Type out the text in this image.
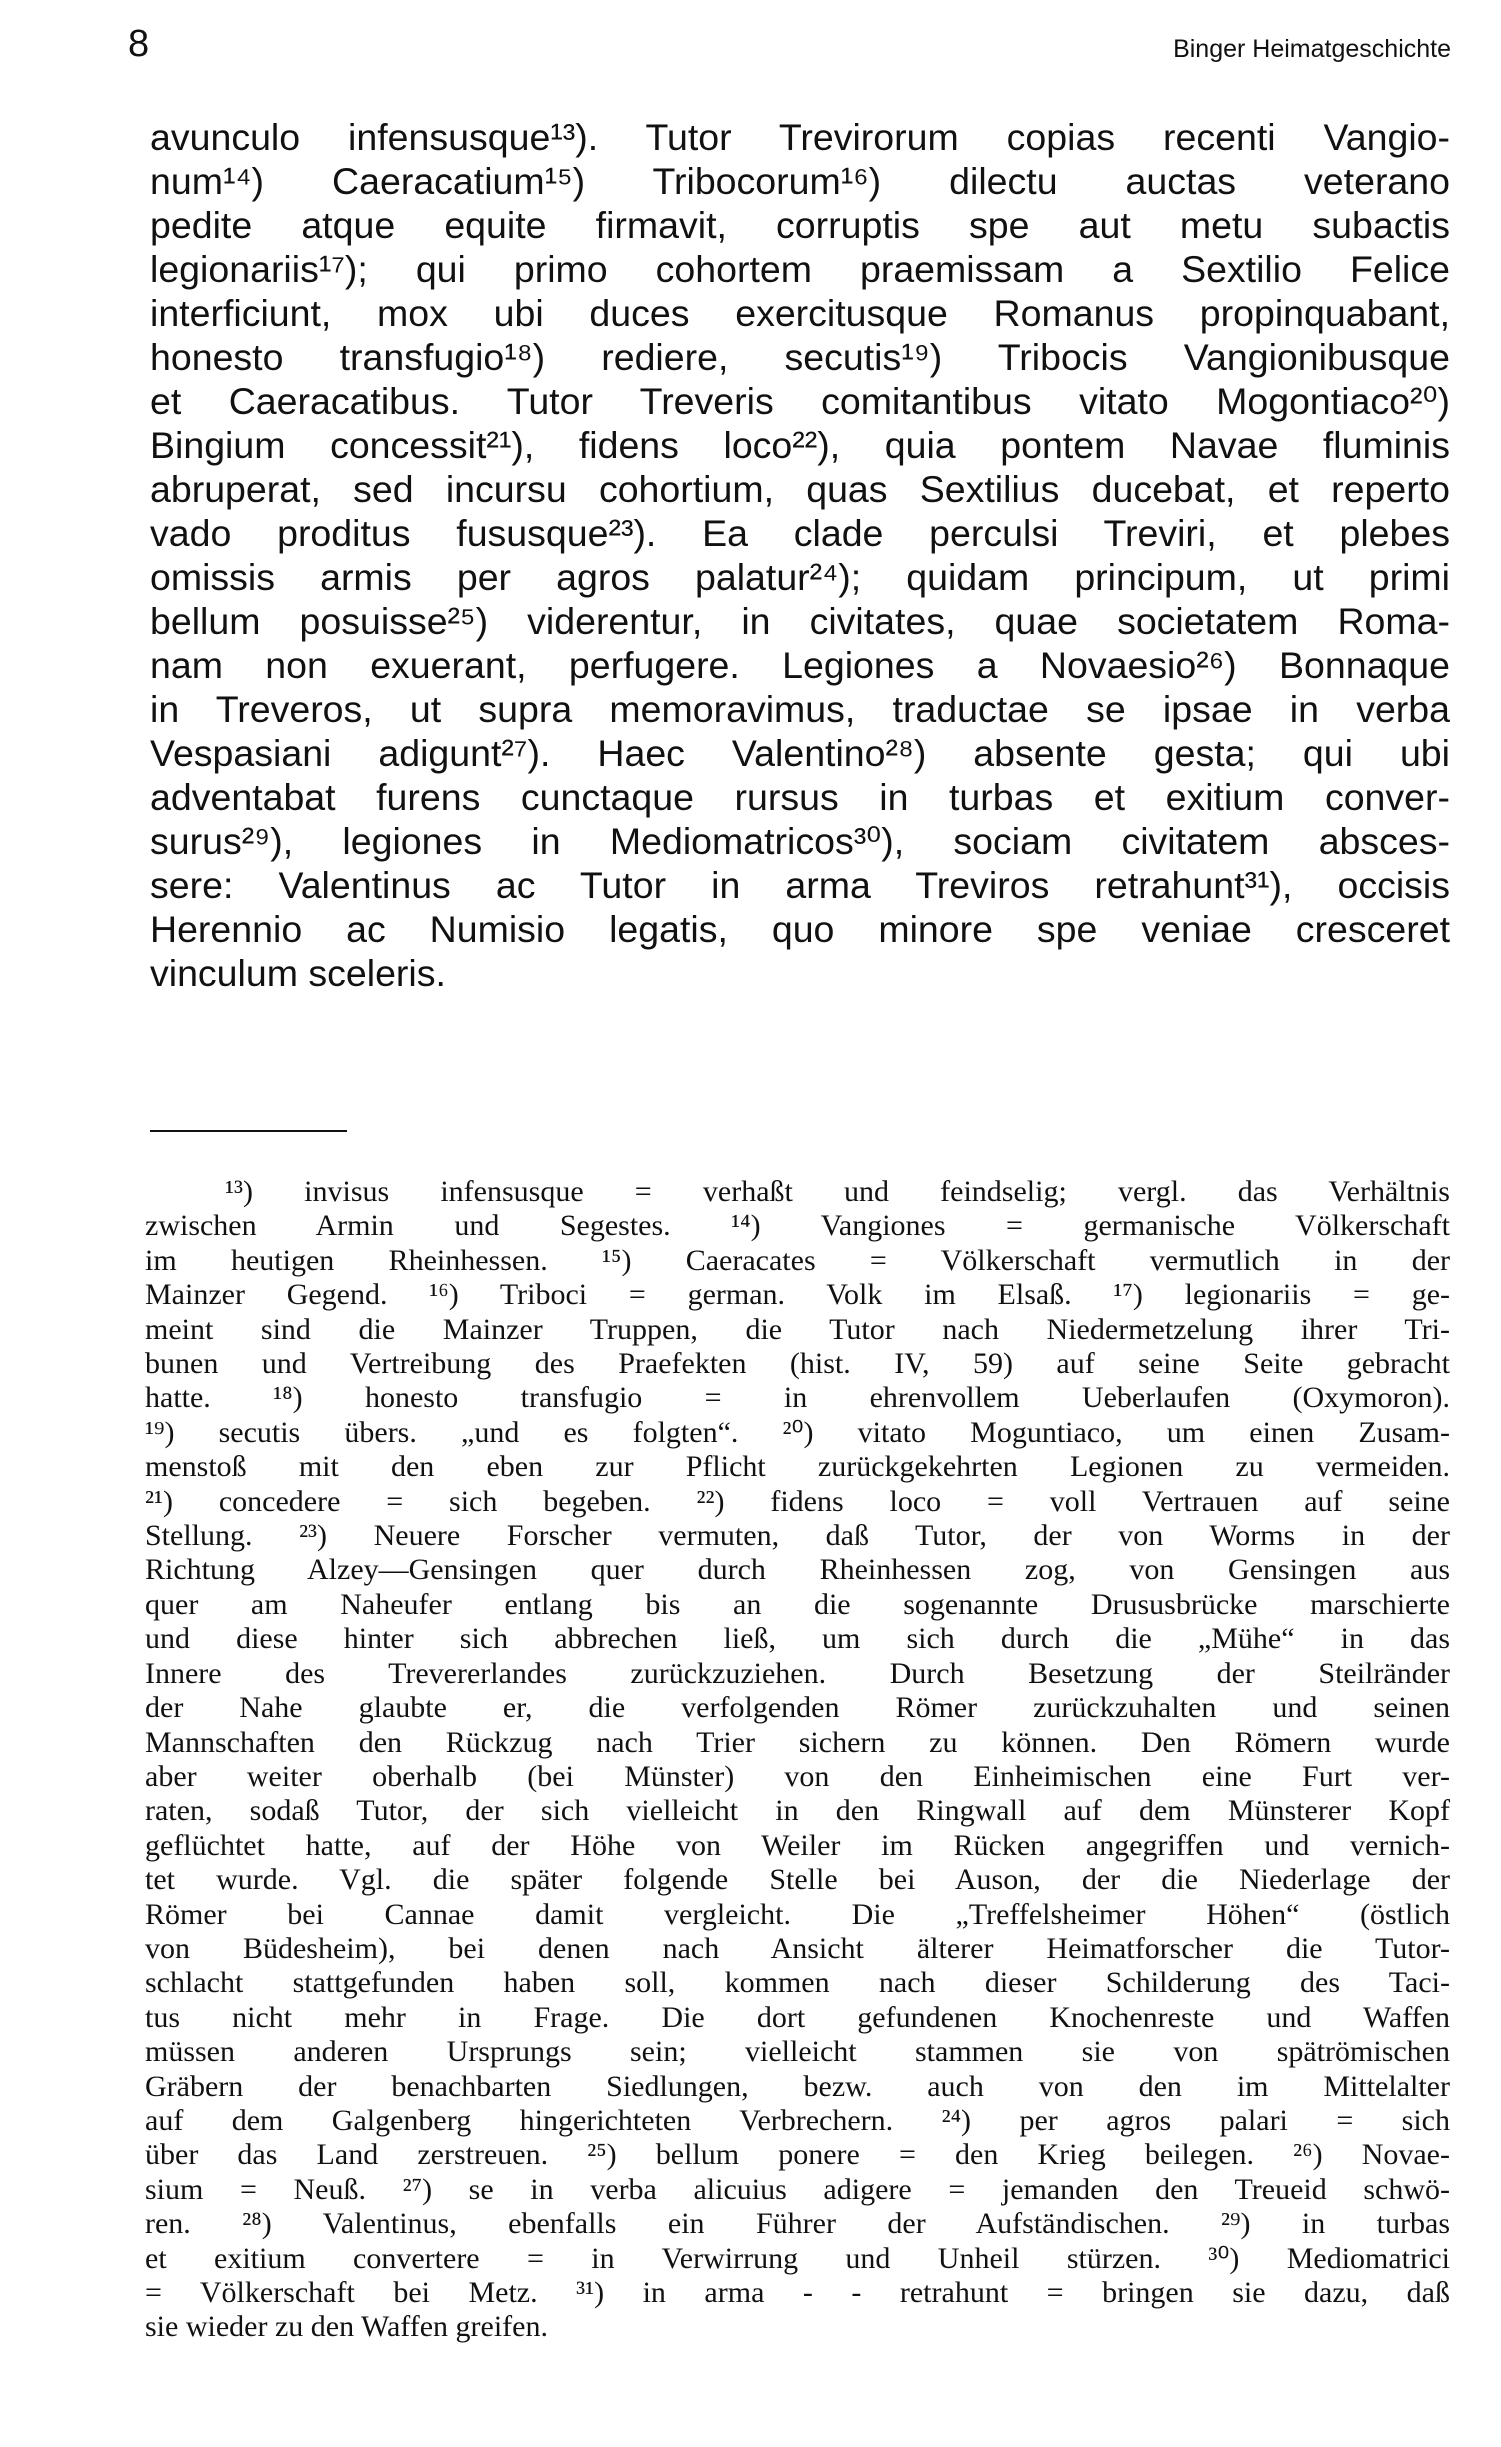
8	Binger Heimatgeschichte
avunculo infensusque¹³). Tutor Trevirorum copias recenti Vangio-
num¹⁴) Caeracatium¹⁵) Tribocorum¹⁶) dilectu auctas veterano
pedite atque equite firmavit, corruptis spe aut metu subactis
legionariis¹⁷); qui primo cohortem praemissam a Sextilio Felice
interficiunt, mox ubi duces exercitusque Romanus propinquabant,
honesto transfugio¹⁸) rediere, secutis¹⁹) Tribocis Vangionibusque
et Caeracatibus. Tutor Treveris comitantibus vitato Mogontiaco²⁰)
Bingium concessit²¹), fidens loco²²), quia pontem Navae fluminis
abruperat, sed incursu cohortium, quas Sextilius ducebat, et reperto
vado proditus fususque²³). Ea clade perculsi Treviri, et plebes
omissis armis per agros palatur²⁴); quidam principum, ut primi
bellum posuisse²⁵) viderentur, in civitates, quae societatem Roma-
nam non exuerant, perfugere. Legiones a Novaesio²⁶) Bonnaque
in Treveros, ut supra memoravimus, traductae se ipsae in verba
Vespasiani adigunt²⁷). Haec Valentino²⁸) absente gesta; qui ubi
adventabat furens cunctaque rursus in turbas et exitium conver-
surus²⁹), legiones in Mediomatricos³⁰), sociam civitatem absces-
sere: Valentinus ac Tutor in arma Treviros retrahunt³¹), occisis
Herennio ac Numisio legatis, quo minore spe veniae cresceret
vinculum sceleris.
¹³) invisus infensusque = verhaßt und feindselig; vergl. das Verhältnis
zwischen Armin und Segestes. ¹⁴) Vangiones = germanische Völkerschaft
im heutigen Rheinhessen. ¹⁵) Caeracates = Völkerschaft vermutlich in der
Mainzer Gegend. ¹⁶) Triboci = german. Volk im Elsaß. ¹⁷) legionariis = ge-
meint sind die Mainzer Truppen, die Tutor nach Niedermetzelung ihrer Tri-
bunen und Vertreibung des Praefekten (hist. IV, 59) auf seine Seite gebracht
hatte. ¹⁸) honesto transfugio = in ehrenvollem Ueberlaufen (Oxymoron).
¹⁹) secutis übers. „und es folgten“. ²⁰) vitato Moguntiaco, um einen Zusam-
menstoß mit den eben zur Pflicht zurückgekehrten Legionen zu vermeiden.
²¹) concedere = sich begeben. ²²) fidens loco = voll Vertrauen auf seine
Stellung. ²³) Neuere Forscher vermuten, daß Tutor, der von Worms in der
Richtung Alzey—Gensingen quer durch Rheinhessen zog, von Gensingen aus
quer am Naheufer entlang bis an die sogenannte Drususbrücke marschierte
und diese hinter sich abbrechen ließ, um sich durch die „Mühe“ in das
Innere des Trevererlandes zurückzuziehen. Durch Besetzung der Steilränder
der Nahe glaubte er, die verfolgenden Römer zurückzuhalten und seinen
Mannschaften den Rückzug nach Trier sichern zu können. Den Römern wurde
aber weiter oberhalb (bei Münster) von den Einheimischen eine Furt ver-
raten, sodaß Tutor, der sich vielleicht in den Ringwall auf dem Münsterer Kopf
geflüchtet hatte, auf der Höhe von Weiler im Rücken angegriffen und vernich-
tet wurde. Vgl. die später folgende Stelle bei Auson, der die Niederlage der
Römer bei Cannae damit vergleicht. Die „Treffelsheimer Höhen“ (östlich
von Büdesheim), bei denen nach Ansicht älterer Heimatforscher die Tutor-
schlacht stattgefunden haben soll, kommen nach dieser Schilderung des Taci-
tus nicht mehr in Frage. Die dort gefundenen Knochenreste und Waffen
müssen anderen Ursprungs sein; vielleicht stammen sie von spätrömischen
Gräbern der benachbarten Siedlungen, bezw. auch von den im Mittelalter
auf dem Galgenberg hingerichteten Verbrechern. ²⁴) per agros palari = sich
über das Land zerstreuen. ²⁵) bellum ponere = den Krieg beilegen. ²⁶) Novae-
sium = Neuß. ²⁷) se in verba alicuius adigere = jemanden den Treueid schwö-
ren. ²⁸) Valentinus, ebenfalls ein Führer der Aufständischen. ²⁹) in turbas
et exitium convertere = in Verwirrung und Unheil stürzen. ³⁰) Mediomatrici
= Völkerschaft bei Metz. ³¹) in arma - - retrahunt = bringen sie dazu, daß
sie wieder zu den Waffen greifen.
